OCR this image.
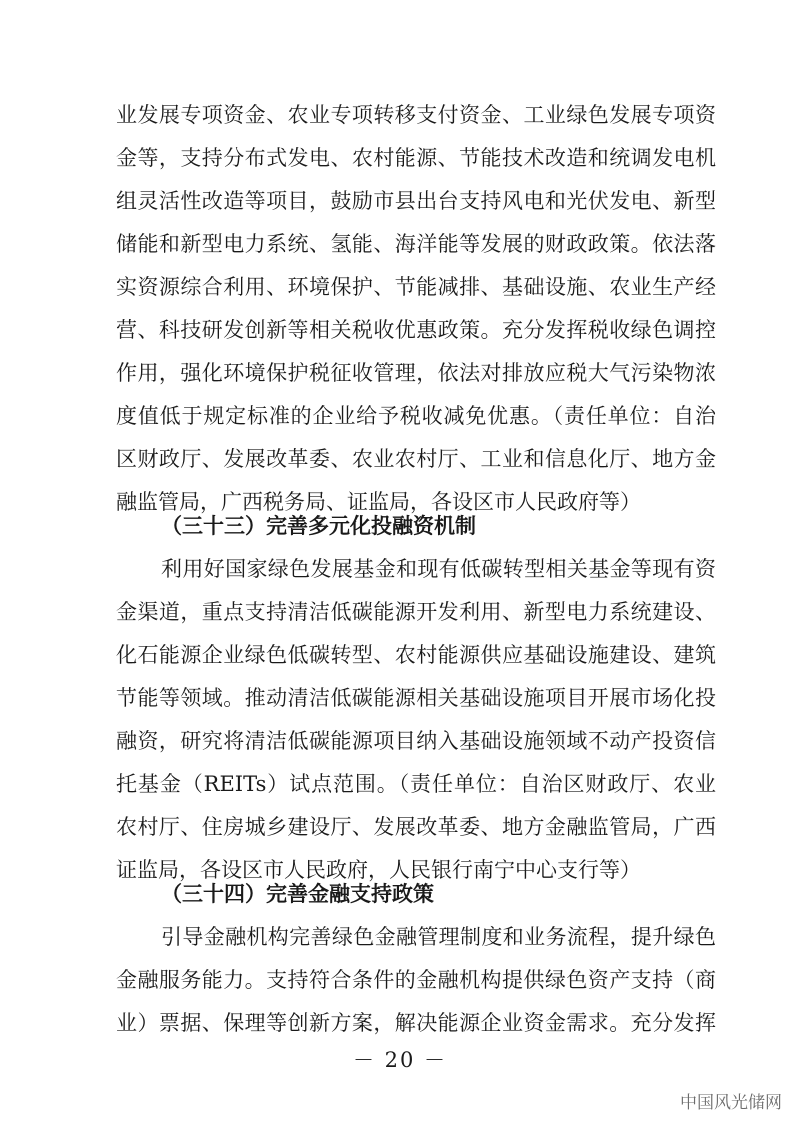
业发展专项资金、农业专项转移支付资金、工业绿色发展专项资
金等，支持分布式发电、农村能源、节能技术改造和统调发电机
组灵活性改造等项目，鼓励市县出台支持风电和光伏发电、新型
储能和新型电力系统、氢能、海洋能等发展的财政政策。依法落
实资源综合利用、环境保护、节能减排、基础设施、农业生产经
营、科技研发创新等相关税收优惠政策。充分发挥税收绿色调控
作用，强化环境保护税征收管理，依法对排放应税大气污染物浓
度值低于规定标准的企业给予税收减免优惠。（责任单位：自治
区财政厅、发展改革委、农业农村厅、工业和信息化厅、地方金
融监管局，广西税务局、证监局，各设区市人民政府等）
（三十三）完善多元化投融资机制
利用好国家绿色发展基金和现有低碳转型相关基金等现有资
金渠道，重点支持清洁低碳能源开发利用、新型电力系统建设、
化石能源企业绿色低碳转型、农村能源供应基础设施建设、建筑
节能等领域。推动清洁低碳能源相关基础设施项目开展市场化投
融资，研究将清洁低碳能源项目纳入基础设施领域不动产投资信
托基金（REITs）试点范围。（责任单位：自治区财政厅、农业
农村厅、住房城乡建设厅、发展改革委、地方金融监管局，广西
证监局，各设区市人民政府，人民银行南宁中心支行等）
（三十四）完善金融支持政策
引导金融机构完善绿色金融管理制度和业务流程，提升绿色
金融服务能力。支持符合条件的金融机构提供绿色资产支持（商
业）票据、保理等创新方案，解决能源企业资金需求。充分发挥
－ 20 －
中国风光储网
